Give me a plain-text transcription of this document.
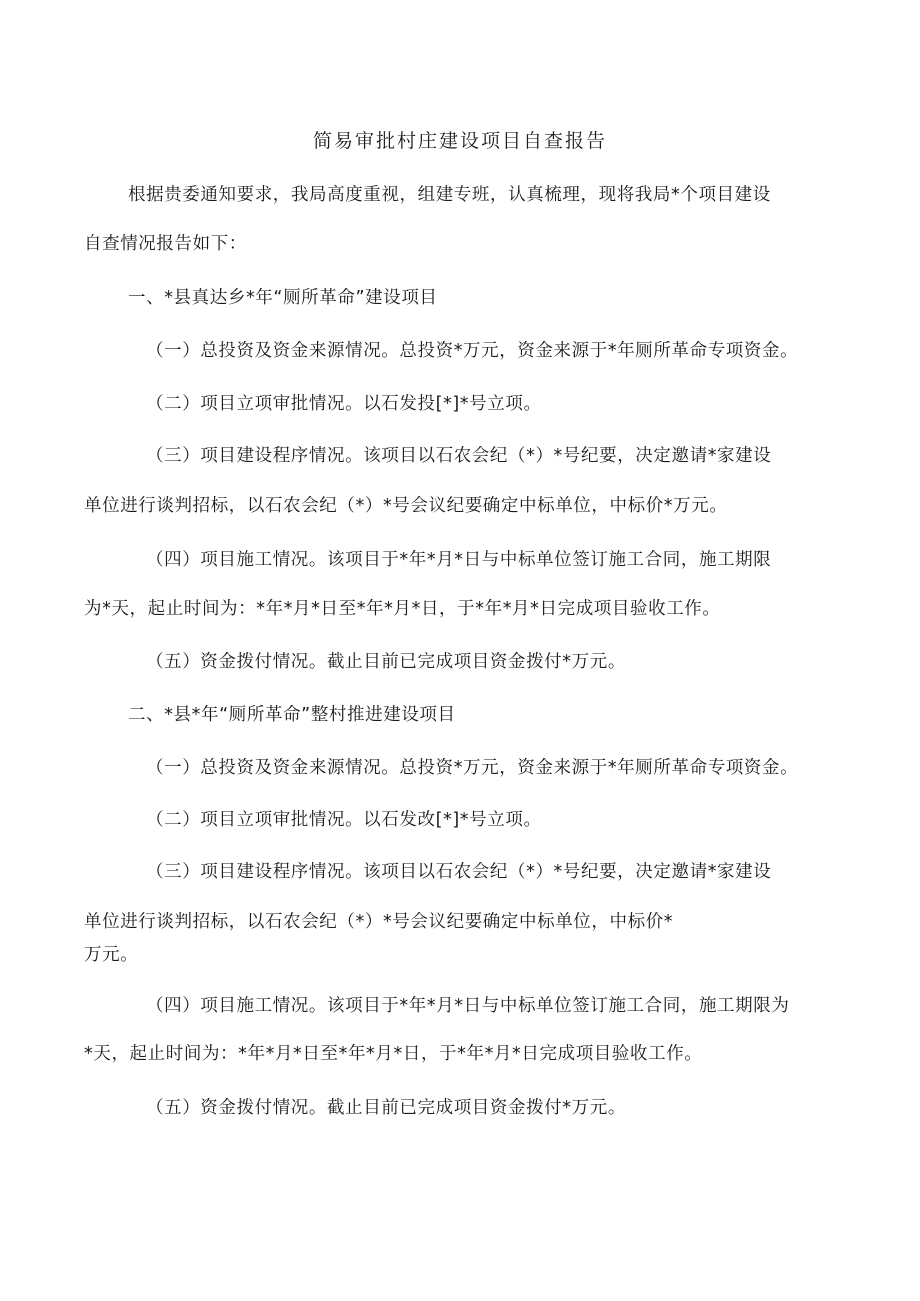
简易审批村庄建设项目自查报告
根据贵委通知要求，我局高度重视，组建专班，认真梳理，现将我局*个项目建设
自查情况报告如下：
一、*县真达乡*年“厕所革命”建设项目
（一）总投资及资金来源情况。总投资*万元，资金来源于*年厕所革命专项资金。
（二）项目立项审批情况。以石发投[*]*号立项。
（三）项目建设程序情况。该项目以石农会纪（*）*号纪要，决定邀请*家建设
单位进行谈判招标，以石农会纪（*）*号会议纪要确定中标单位，中标价*万元。
（四）项目施工情况。该项目于*年*月*日与中标单位签订施工合同，施工期限
为*天，起止时间为：*年*月*日至*年*月*日，于*年*月*日完成项目验收工作。
（五）资金拨付情况。截止目前已完成项目资金拨付*万元。
二、*县*年“厕所革命”整村推进建设项目
（一）总投资及资金来源情况。总投资*万元，资金来源于*年厕所革命专项资金。
（二）项目立项审批情况。以石发改[*]*号立项。
（三）项目建设程序情况。该项目以石农会纪（*）*号纪要，决定邀请*家建设
单位进行谈判招标，以石农会纪（*）*号会议纪要确定中标单位，中标价*
万元。
（四）项目施工情况。该项目于*年*月*日与中标单位签订施工合同，施工期限为
*天，起止时间为：*年*月*日至*年*月*日，于*年*月*日完成项目验收工作。
（五）资金拨付情况。截止目前已完成项目资金拨付*万元。
